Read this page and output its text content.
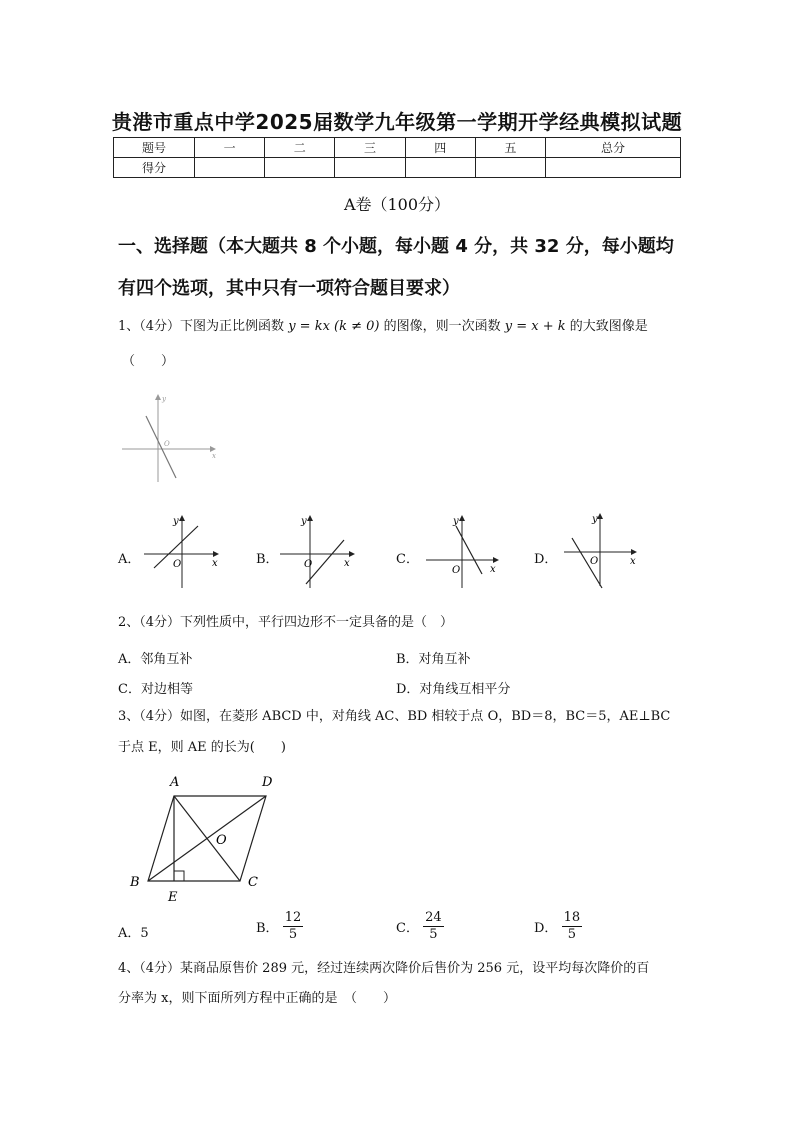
贵港市重点中学2025届数学九年级第一学期开学经典模拟试题
题号	一	二	三	四	五	总分
得分						
A卷（100分）
一、选择题（本大题共 8 个小题，每小题 4 分，共 32 分，每小题均
有四个选项，其中只有一项符合题目要求）
1、（4分）下图为正比例函数 y = kx (k ≠ 0) 的图像，则一次函数 y = x + k 的大致图像是
（　　）
y
O
x
A．
y
O	x	B．
y
O	x	C．
y
O	x
D．
y
O	x
2、（4分）下列性质中，平行四边形不一定具备的是（　）
A．邻角互补	B．对角互补
C．对边相等	D．对角线互相平分
3、（4分）如图，在菱形 ABCD 中，对角线 AC、BD 相较于点 O，BD＝8，BC＝5，AE⊥BC
于点 E，则 AE 的长为(　　)
A	D
B	C
E
O
A．5	B． $\frac{12}{5}$	C． $\frac{24}{5}$	D． $\frac{18}{5}$
4、（4分）某商品原售价 289 元，经过连续两次降价后售价为 256 元，设平均每次降价的百
分率为 x，则下面所列方程中正确的是　（　　）
